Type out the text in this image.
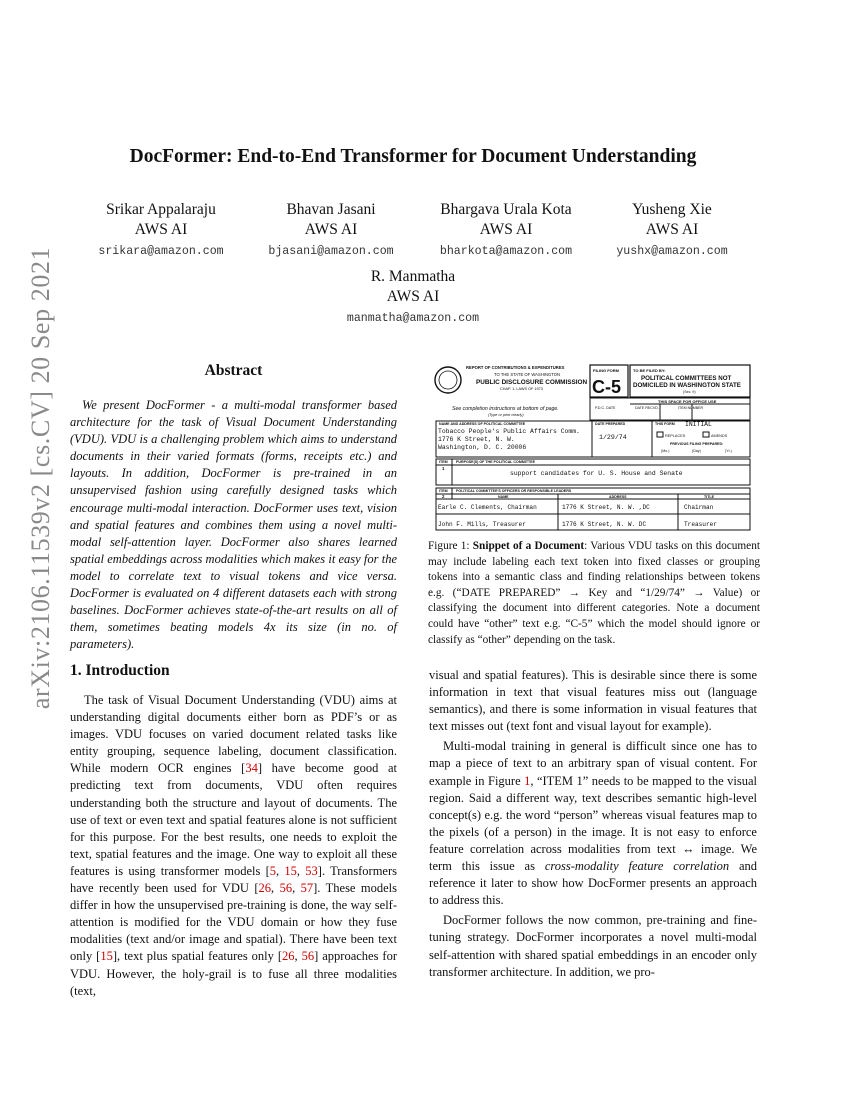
arXiv:2106.11539v2 [cs.CV] 20 Sep 2021
DocFormer: End-to-End Transformer for Document Understanding
Srikar Appalaraju
AWS AI
srikara@amazon.com
Bhavan Jasani
AWS AI
bjasani@amazon.com
Bhargava Urala Kota
AWS AI
bharkota@amazon.com
Yusheng Xie
AWS AI
yushx@amazon.com
R. Manmatha
AWS AI
manmatha@amazon.com
Abstract

We present DocFormer - a multi-modal transformer based architecture for the task of Visual Document Understanding (VDU). VDU is a challenging problem which aims to understand documents in their varied formats (forms, receipts etc.) and layouts. In addition, DocFormer is pre-trained in an unsupervised fashion using carefully designed tasks which encourage multi-modal interaction. DocFormer uses text, vision and spatial features and combines them using a novel multi-modal self-attention layer. DocFormer also shares learned spatial embeddings across modalities which makes it easy for the model to correlate text to visual tokens and vice versa. DocFormer is evaluated on 4 different datasets each with strong baselines. DocFormer achieves state-of-the-art results on all of them, sometimes beating models 4x its size (in no. of parameters).

1. Introduction

The task of Visual Document Understanding (VDU) aims at understanding digital documents either born as PDF’s or as images. VDU focuses on varied document related tasks like entity grouping, sequence labeling, document classification. While modern OCR engines [34] have become good at predicting text from documents, VDU often requires understanding both the structure and layout of documents. The use of text or even text and spatial features alone is not sufficient for this purpose. For the best results, one needs to exploit the text, spatial features and the image. One way to exploit all these features is using transformer models [5, 15, 53]. Transformers have recently been used for VDU [26, 56, 57]. These models differ in how the unsupervised pre-training is done, the way self-attention is modified for the VDU domain or how they fuse modalities (text and/or image and spatial). There have been text only [15], text plus spatial features only [26, 56] approaches for VDU. However, the holy-grail is to fuse all three modalities (text,

REPORT OF CONTRIBUTIONS & EXPENDITURES
TO THE STATE OF WASHINGTON
PUBLIC DISCLOSURE COMMISSION
CHAP. 1, LAWS OF 1973
FILING FORM
C-5
TO BE FILED BY:
POLITICAL COMMITTEES NOT
DOMICILED IN WASHINGTON STATE
(Sec. 9)
THIS SPACE FOR OFFICE USE
P.D.C. DATE	DATE RECVD.	ITEM NUMBER
See completion instructions at bottom of page.
(Type or print clearly)
NAME AND ADDRESS OF POLITICAL COMMITTEE
Tobacco People's Public Affairs Comm.
1776 K Street, N. W.
Washington, D. C. 20006
DATE PREPARED
1/29/74
THIS FORM INITIAL
REPLACES	AMENDS
PREVIOUS FILING PREPARED:
(Mo.)	(Day)	(Yr.)
ITEM
1
PURPOSE(S) OF THE POLITICAL COMMITTEE
support candidates for U. S. House and Senate
ITEM
2
POLITICAL COMMITTEE'S OFFICERS OR RESPONSIBLE LEADERS
NAME	ADDRESS	TITLE
Earle C. Clements, Chairman	1776 K Street, N. W. ,DC	Chairman
John F. Mills, Treasurer	1776 K Street, N. W. DC	Treasurer
Figure 1: Snippet of a Document: Various VDU tasks on this document may include labeling each text token into fixed classes or grouping tokens into a semantic class and finding relationships between tokens e.g. (“DATE PREPARED” → Key and “1/29/74” → Value) or classifying the document into different categories. Note a document could have “other” text e.g. “C-5” which the model should ignore or classify as “other” depending on the task.

visual and spatial features). This is desirable since there is some information in text that visual features miss out (language semantics), and there is some information in visual features that text misses out (text font and visual layout for example).

Multi-modal training in general is difficult since one has to map a piece of text to an arbitrary span of visual content. For example in Figure 1, “ITEM 1” needs to be mapped to the visual region. Said a different way, text describes semantic high-level concept(s) e.g. the word “person” whereas visual features map to the pixels (of a person) in the image. It is not easy to enforce feature correlation across modalities from text ↔ image. We term this issue as cross-modality feature correlation and reference it later to show how DocFormer presents an approach to address this.

DocFormer follows the now common, pre-training and fine-tuning strategy. DocFormer incorporates a novel multi-modal self-attention with shared spatial embeddings in an encoder only transformer architecture. In addition, we pro-
